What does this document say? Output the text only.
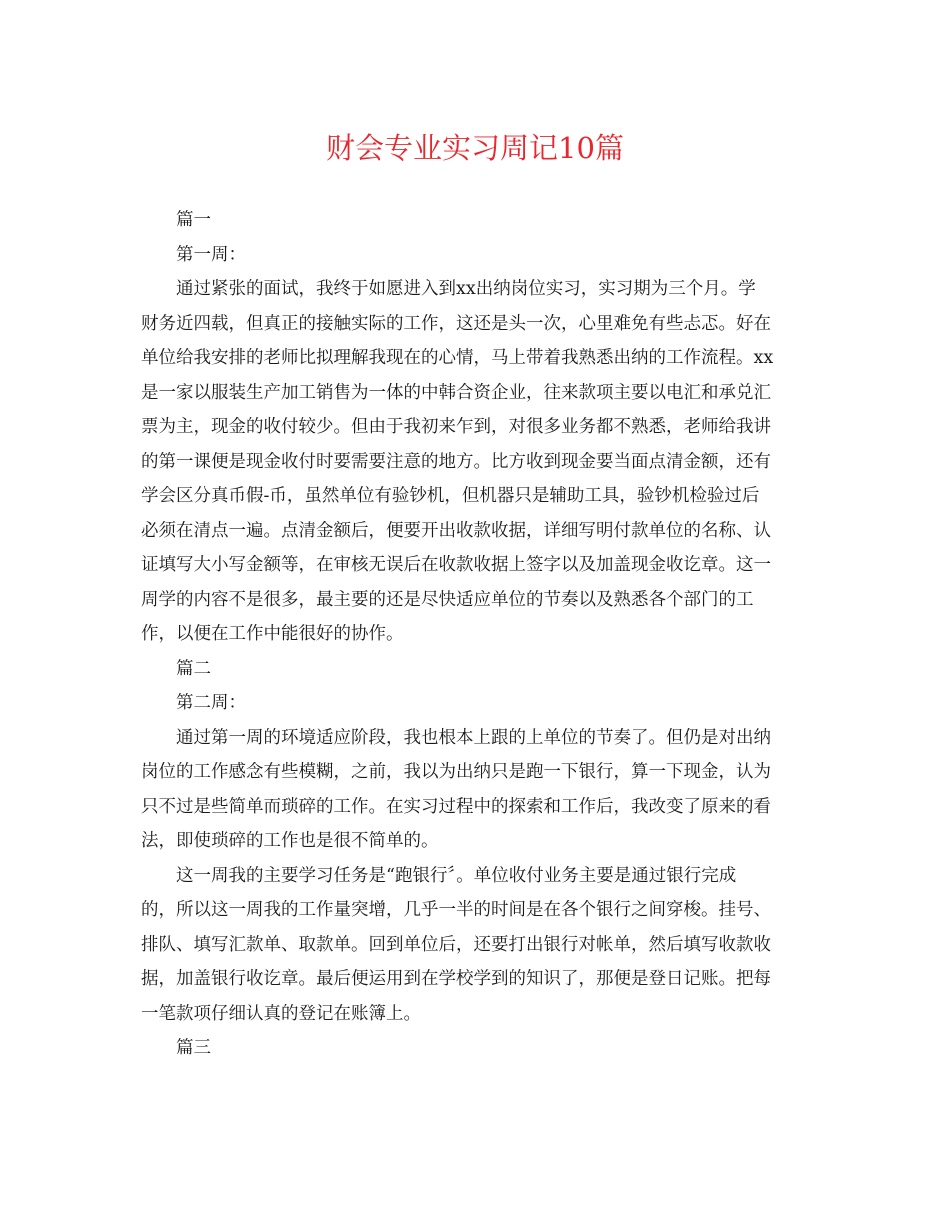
财会专业实习周记10篇

篇一

第一周：

通过紧张的面试，我终于如愿进入到xx出纳岗位实习，实习期为三个月。学
财务近四载，但真正的接触实际的工作，这还是头一次，心里难免有些忐忑。好在
单位给我安排的老师比拟理解我现在的心情，马上带着我熟悉出纳的工作流程。xx
是一家以服装生产加工销售为一体的中韩合资企业，往来款项主要以电汇和承兑汇
票为主，现金的收付较少。但由于我初来乍到，对很多业务都不熟悉，老师给我讲
的第一课便是现金收付时要需要注意的地方。比方收到现金要当面点清金额，还有
学会区分真币假-币，虽然单位有验钞机，但机器只是辅助工具，验钞机检验过后
必须在清点一遍。点清金额后，便要开出收款收据，详细写明付款单位的名称、认
证填写大小写金额等，在审核无误后在收款收据上签字以及加盖现金收讫章。这一
周学的内容不是很多，最主要的还是尽快适应单位的节奏以及熟悉各个部门的工
作，以便在工作中能很好的协作。

篇二

第二周：

通过第一周的环境适应阶段，我也根本上跟的上单位的节奏了。但仍是对出纳
岗位的工作感念有些模糊，之前，我以为出纳只是跑一下银行，算一下现金，认为
只不过是些简单而琐碎的工作。在实习过程中的探索和工作后，我改变了原来的看
法，即使琐碎的工作也是很不简单的。

这一周我的主要学习任务是“跑银行〞。单位收付业务主要是通过银行完成
的，所以这一周我的工作量突增，几乎一半的时间是在各个银行之间穿梭。挂号、
排队、填写汇款单、取款单。回到单位后，还要打出银行对帐单，然后填写收款收
据，加盖银行收讫章。最后便运用到在学校学到的知识了，那便是登日记账。把每
一笔款项仔细认真的登记在账簿上。

篇三
